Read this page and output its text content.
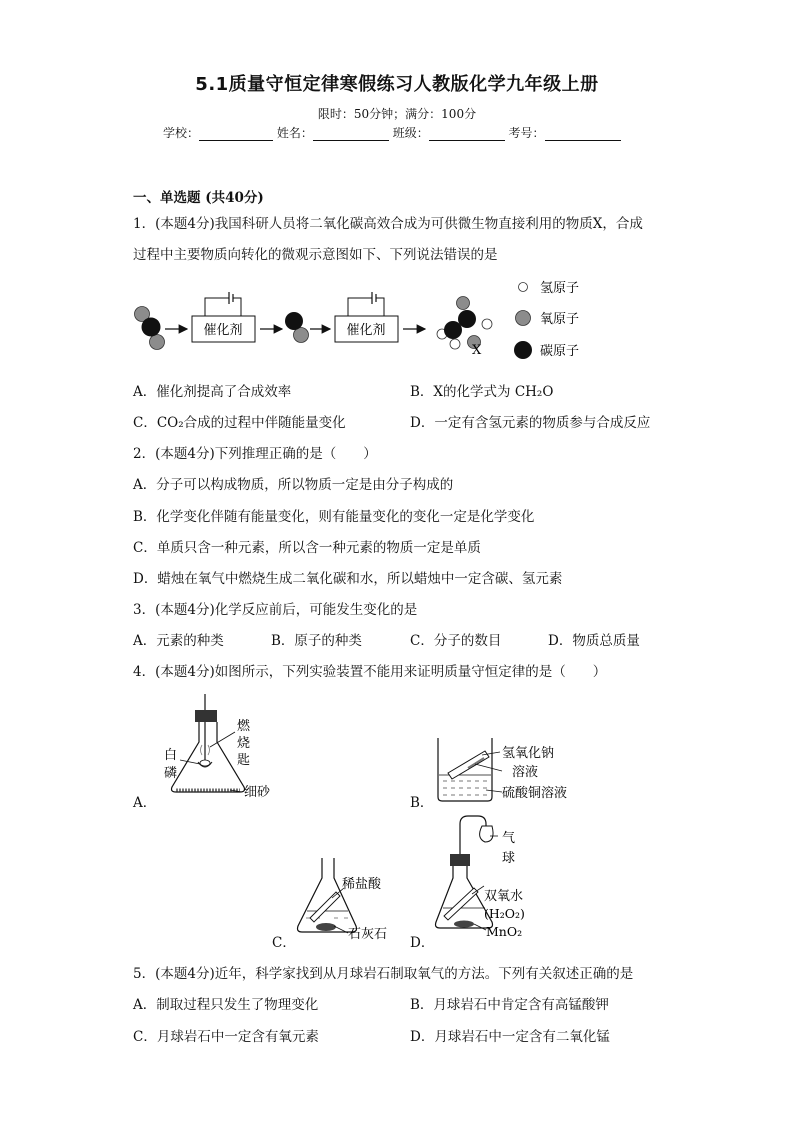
5.1质量守恒定律寒假练习人教版化学九年级上册
限时：50分钟；满分：100分
学校：	姓名：	班级：	考号：
一、单选题 (共40分)
1．(本题4分)我国科研人员将二氧化碳高效合成为可供微生物直接利用的物质X，合成
过程中主要物质向转化的微观示意图如下、下列说法错误的是
催化剂	催化剂
X
氢原子
氧原子
碳原子
A．催化剂提高了合成效率	B．X的化学式为 CH₂O
C．CO₂合成的过程中伴随能量变化	D．一定有含氢元素的物质参与合成反应
2．(本题4分)下列推理正确的是（　　）
A．分子可以构成物质，所以物质一定是由分子构成的
B．化学变化伴随有能量变化，则有能量变化的变化一定是化学变化
C．单质只含一种元素，所以含一种元素的物质一定是单质
D．蜡烛在氧气中燃烧生成二氧化碳和水，所以蜡烛中一定含碳、氢元素
3．(本题4分)化学反应前后，可能发生变化的是
A．元素的种类	B．原子的种类	C．分子的数目	D．物质总质量
4．(本题4分)如图所示，下列实验装置不能用来证明质量守恒定律的是（　　）
A．
燃
烧
匙
白
磷
细砂
B．
氢氧化钠
溶液
硫酸铜溶液
C．
稀盐酸
石灰石
D．
气
球
双氧水
(H₂O₂)
MnO₂
5．(本题4分)近年，科学家找到从月球岩石制取氧气的方法。下列有关叙述正确的是
A．制取过程只发生了物理变化	B．月球岩石中肯定含有高锰酸钾
C．月球岩石中一定含有氧元素	D．月球岩石中一定含有二氧化锰
